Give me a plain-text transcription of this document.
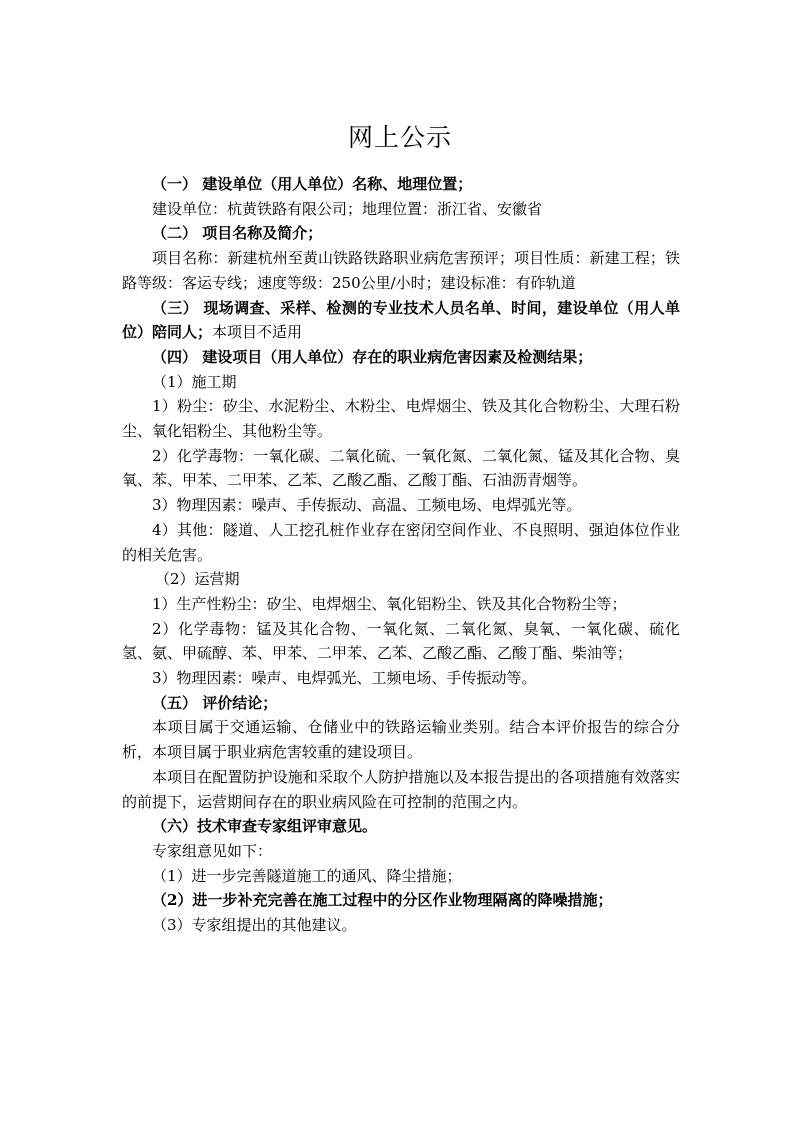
网上公示

（一） 建设单位（用人单位）名称、地理位置；

建设单位：杭黄铁路有限公司；地理位置：浙江省、安徽省

（二） 项目名称及简介；

项目名称：新建杭州至黄山铁路铁路职业病危害预评；项目性质：新建工程；铁路等级：客运专线；速度等级：250公里/小时；建设标准：有砟轨道

（三） 现场调查、采样、检测的专业技术人员名单、时间，建设单位（用人单位）陪同人；本项目不适用

（四） 建设项目（用人单位）存在的职业病危害因素及检测结果；

（1）施工期

1）粉尘：矽尘、水泥粉尘、木粉尘、电焊烟尘、铁及其化合物粉尘、大理石粉尘、氧化铝粉尘、其他粉尘等。

2）化学毒物：一氧化碳、二氧化硫、一氧化氮、二氧化氮、锰及其化合物、臭氧、苯、甲苯、二甲苯、乙苯、乙酸乙酯、乙酸丁酯、石油沥青烟等。

3）物理因素：噪声、手传振动、高温、工频电场、电焊弧光等。

4）其他：隧道、人工挖孔桩作业存在密闭空间作业、不良照明、强迫体位作业的相关危害。

（2）运营期

1）生产性粉尘：矽尘、电焊烟尘、氧化铝粉尘、铁及其化合物粉尘等；

2）化学毒物：锰及其化合物、一氧化氮、二氧化氮、臭氧、一氧化碳、硫化氢、氨、甲硫醇、苯、甲苯、二甲苯、乙苯、乙酸乙酯、乙酸丁酯、柴油等；

3）物理因素：噪声、电焊弧光、工频电场、手传振动等。

（五） 评价结论；

本项目属于交通运输、仓储业中的铁路运输业类别。结合本评价报告的综合分析，本项目属于职业病危害较重的建设项目。

本项目在配置防护设施和采取个人防护措施以及本报告提出的各项措施有效落实的前提下，运营期间存在的职业病风险在可控制的范围之内。

（六）技术审查专家组评审意见。

专家组意见如下：

（1）进一步完善隧道施工的通风、降尘措施；

（2）进一步补充完善在施工过程中的分区作业物理隔离的降噪措施；

（3）专家组提出的其他建议。
